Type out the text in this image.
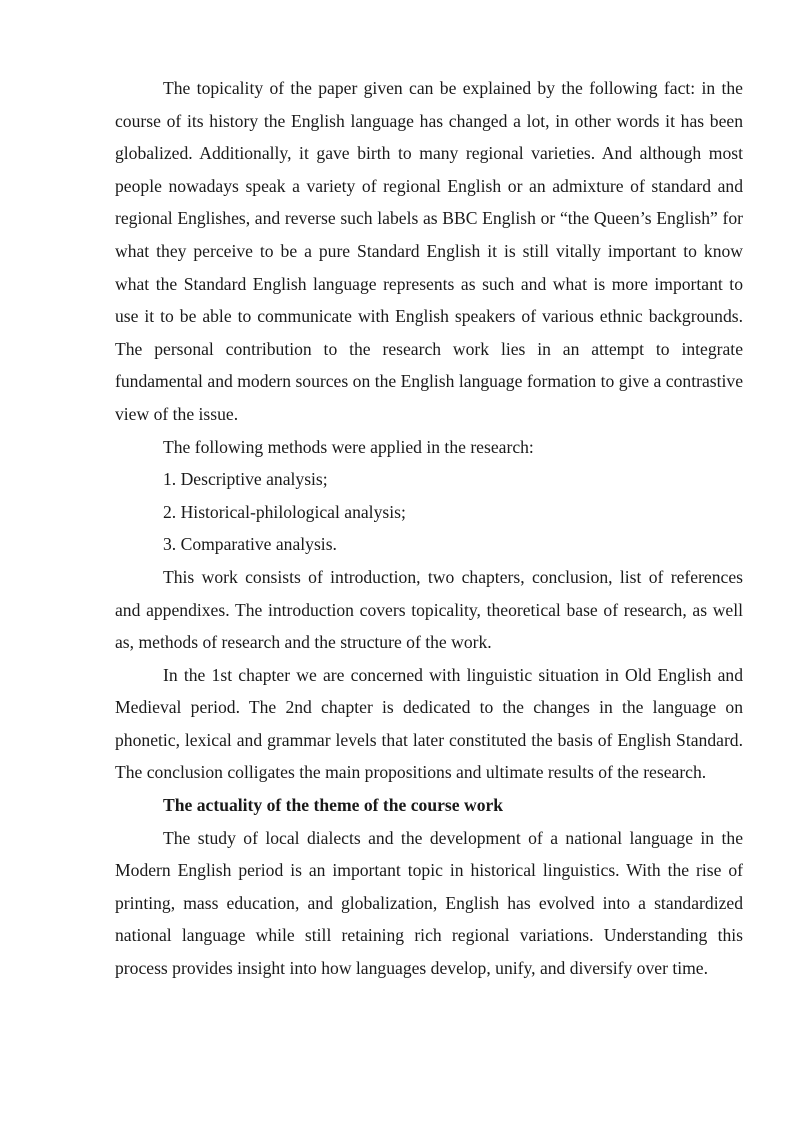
The topicality of the paper given can be explained by the following fact: in the course of its history the English language has changed a lot, in other words it has been globalized. Additionally, it gave birth to many regional varieties. And although most people nowadays speak a variety of regional English or an admixture of standard and regional Englishes, and reverse such labels as BBC English or “the Queen’s English” for what they perceive to be a pure Standard English it is still vitally important to know what the Standard English language represents as such and what is more important to use it to be able to communicate with English speakers of various ethnic backgrounds. The personal contribution to the research work lies in an attempt to integrate fundamental and modern sources on the English language formation to give a contrastive view of the issue.

The following methods were applied in the research:

1. Descriptive analysis;

2. Historical-philological analysis;

3. Comparative analysis.

This work consists of introduction, two chapters, conclusion, list of references and appendixes. The introduction covers topicality, theoretical base of research, as well as, methods of research and the structure of the work.

In the 1st chapter we are concerned with linguistic situation in Old English and Medieval period. The 2nd chapter is dedicated to the changes in the language on phonetic, lexical and grammar levels that later constituted the basis of English Standard. The conclusion colligates the main propositions and ultimate results of the research.

The actuality of the theme of the course work

The study of local dialects and the development of a national language in the Modern English period is an important topic in historical linguistics. With the rise of printing, mass education, and globalization, English has evolved into a standardized national language while still retaining rich regional variations. Understanding this process provides insight into how languages develop, unify, and diversify over time.
